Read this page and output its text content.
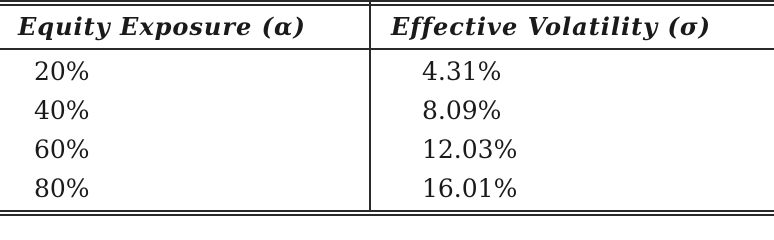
Equity Exposure (α)	Effective Volatility (σ)
20%	4.31%
40%	8.09%
60%	12.03%
80%	16.01%
